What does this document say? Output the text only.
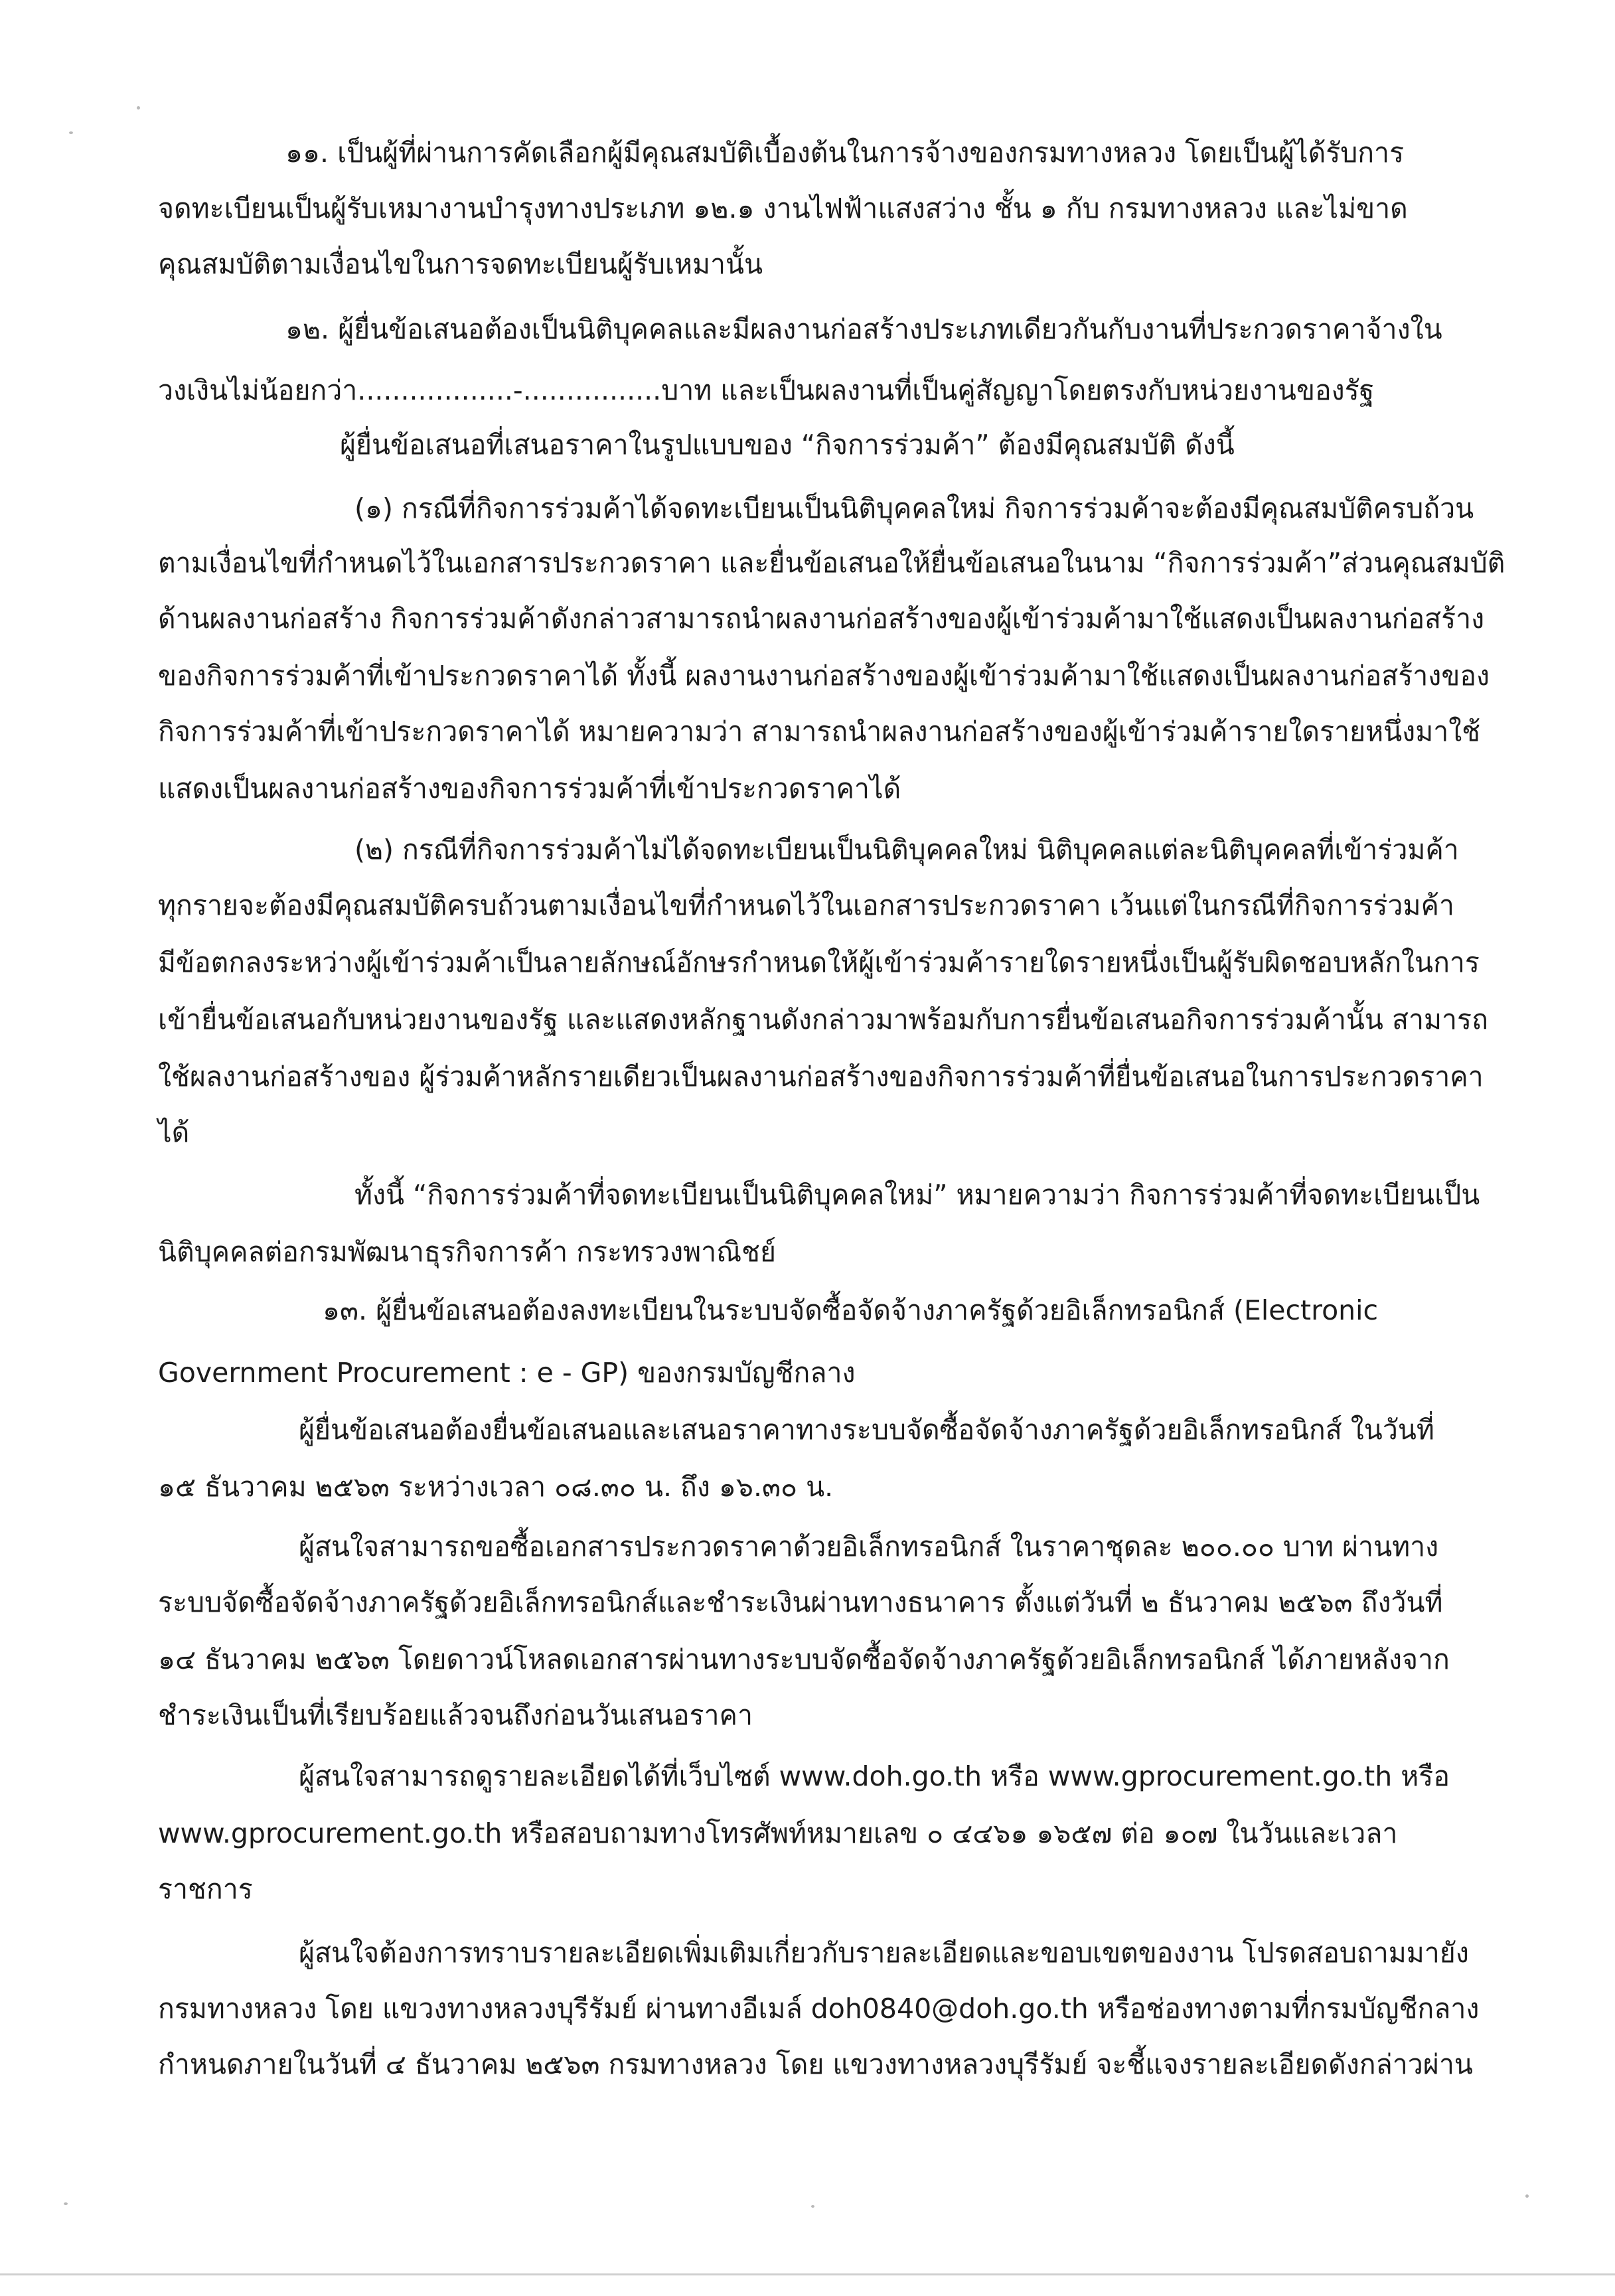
๑๑. เป็นผู้ที่ผ่านการคัดเลือกผู้มีคุณสมบัติเบื้องต้นในการจ้างของกรมทางหลวง โดยเป็นผู้ได้รับการ
จดทะเบียนเป็นผู้รับเหมางานบำรุงทางประเภท ๑๒.๑ งานไฟฟ้าแสงสว่าง ชั้น ๑ กับ กรมทางหลวง และไม่ขาด
คุณสมบัติตามเงื่อนไขในการจดทะเบียนผู้รับเหมานั้น
๑๒. ผู้ยื่นข้อเสนอต้องเป็นนิติบุคคลและมีผลงานก่อสร้างประเภทเดียวกันกับงานที่ประกวดราคาจ้างใน
วงเงินไม่น้อยกว่า..................-................บาท และเป็นผลงานที่เป็นคู่สัญญาโดยตรงกับหน่วยงานของรัฐ
ผู้ยื่นข้อเสนอที่เสนอราคาในรูปแบบของ “กิจการร่วมค้า” ต้องมีคุณสมบัติ ดังนี้
(๑) กรณีที่กิจการร่วมค้าได้จดทะเบียนเป็นนิติบุคคลใหม่ กิจการร่วมค้าจะต้องมีคุณสมบัติครบถ้วน
ตามเงื่อนไขที่กำหนดไว้ในเอกสารประกวดราคา และยื่นข้อเสนอให้ยื่นข้อเสนอในนาม “กิจการร่วมค้า”ส่วนคุณสมบัติ
ด้านผลงานก่อสร้าง กิจการร่วมค้าดังกล่าวสามารถนำผลงานก่อสร้างของผู้เข้าร่วมค้ามาใช้แสดงเป็นผลงานก่อสร้าง
ของกิจการร่วมค้าที่เข้าประกวดราคาได้ ทั้งนี้ ผลงานงานก่อสร้างของผู้เข้าร่วมค้ามาใช้แสดงเป็นผลงานก่อสร้างของ
กิจการร่วมค้าที่เข้าประกวดราคาได้ หมายความว่า สามารถนำผลงานก่อสร้างของผู้เข้าร่วมค้ารายใดรายหนึ่งมาใช้
แสดงเป็นผลงานก่อสร้างของกิจการร่วมค้าที่เข้าประกวดราคาได้
(๒) กรณีที่กิจการร่วมค้าไม่ได้จดทะเบียนเป็นนิติบุคคลใหม่ นิติบุคคลแต่ละนิติบุคคลที่เข้าร่วมค้า
ทุกรายจะต้องมีคุณสมบัติครบถ้วนตามเงื่อนไขที่กำหนดไว้ในเอกสารประกวดราคา เว้นแต่ในกรณีที่กิจการร่วมค้า
มีข้อตกลงระหว่างผู้เข้าร่วมค้าเป็นลายลักษณ์อักษรกำหนดให้ผู้เข้าร่วมค้ารายใดรายหนึ่งเป็นผู้รับผิดชอบหลักในการ
เข้ายื่นข้อเสนอกับหน่วยงานของรัฐ และแสดงหลักฐานดังกล่าวมาพร้อมกับการยื่นข้อเสนอกิจการร่วมค้านั้น สามารถ
ใช้ผลงานก่อสร้างของ ผู้ร่วมค้าหลักรายเดียวเป็นผลงานก่อสร้างของกิจการร่วมค้าที่ยื่นข้อเสนอในการประกวดราคา
ได้
ทั้งนี้ “กิจการร่วมค้าที่จดทะเบียนเป็นนิติบุคคลใหม่” หมายความว่า กิจการร่วมค้าที่จดทะเบียนเป็น
นิติบุคคลต่อกรมพัฒนาธุรกิจการค้า กระทรวงพาณิชย์
๑๓. ผู้ยื่นข้อเสนอต้องลงทะเบียนในระบบจัดซื้อจัดจ้างภาครัฐด้วยอิเล็กทรอนิกส์ (Electronic
Government Procurement : e - GP) ของกรมบัญชีกลาง
ผู้ยื่นข้อเสนอต้องยื่นข้อเสนอและเสนอราคาทางระบบจัดซื้อจัดจ้างภาครัฐด้วยอิเล็กทรอนิกส์ ในวันที่
๑๕ ธันวาคม ๒๕๖๓ ระหว่างเวลา ๐๘.๓๐ น. ถึง ๑๖.๓๐ น.
ผู้สนใจสามารถขอซื้อเอกสารประกวดราคาด้วยอิเล็กทรอนิกส์ ในราคาชุดละ ๒๐๐.๐๐ บาท ผ่านทาง
ระบบจัดซื้อจัดจ้างภาครัฐด้วยอิเล็กทรอนิกส์และชำระเงินผ่านทางธนาคาร ตั้งแต่วันที่ ๒ ธันวาคม ๒๕๖๓ ถึงวันที่
๑๔ ธันวาคม ๒๕๖๓ โดยดาวน์โหลดเอกสารผ่านทางระบบจัดซื้อจัดจ้างภาครัฐด้วยอิเล็กทรอนิกส์ ได้ภายหลังจาก
ชำระเงินเป็นที่เรียบร้อยแล้วจนถึงก่อนวันเสนอราคา
ผู้สนใจสามารถดูรายละเอียดได้ที่เว็บไซต์ www.doh.go.th หรือ www.gprocurement.go.th หรือ
www.gprocurement.go.th หรือสอบถามทางโทรศัพท์หมายเลข ๐ ๔๔๖๑ ๑๖๕๗ ต่อ ๑๐๗ ในวันและเวลา
ราชการ
ผู้สนใจต้องการทราบรายละเอียดเพิ่มเติมเกี่ยวกับรายละเอียดและขอบเขตของงาน โปรดสอบถามมายัง
กรมทางหลวง โดย แขวงทางหลวงบุรีรัมย์ ผ่านทางอีเมล์ doh0840@doh.go.th หรือช่องทางตามที่กรมบัญชีกลาง
กำหนดภายในวันที่ ๔ ธันวาคม ๒๕๖๓ กรมทางหลวง โดย แขวงทางหลวงบุรีรัมย์ จะชี้แจงรายละเอียดดังกล่าวผ่าน
